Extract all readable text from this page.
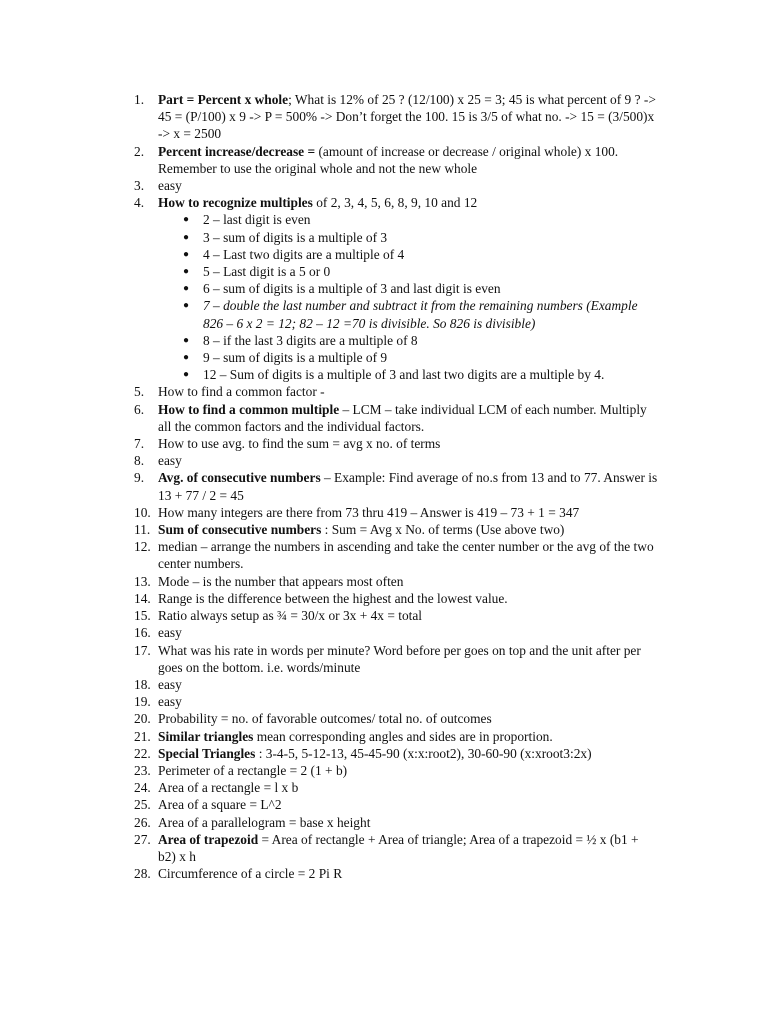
1.	Part = Percent x whole; What is 12% of 25 ? (12/100) x 25 = 3; 45 is what percent of 9 ? -> 45 = (P/100) x 9 -> P = 500% -> Don’t forget the 100. 15 is 3/5 of what no. -> 15 = (3/500)x -> x = 2500
2.	Percent increase/decrease = (amount of increase or decrease / original whole) x 100. Remember to use the original whole and not the new whole
3.	easy
4.	How to recognize multiples of 2, 3, 4, 5, 6, 8, 9, 10 and 12
● 2 – last digit is even
● 3 – sum of digits is a multiple of 3
● 4 – Last two digits are a multiple of 4
● 5 – Last digit is a 5 or 0
● 6 – sum of digits is a multiple of 3 and last digit is even
● 7 – double the last number and subtract it from the remaining numbers (Example 826 – 6 x 2 = 12; 82 – 12 =70 is divisible. So 826 is divisible)
● 8 – if the last 3 digits are a multiple of 8
● 9 – sum of digits is a multiple of 9
● 12 – Sum of digits is a multiple of 3 and last two digits are a multiple by 4.
5.	How to find a common factor -
6.	How to find a common multiple – LCM – take individual LCM of each number. Multiply all the common factors and the individual factors.
7.	How to use avg. to find the sum = avg x no. of terms
8.	easy
9.	Avg. of consecutive numbers – Example: Find average of no.s from 13 and to 77. Answer is 13 + 77 / 2 = 45
10. How many integers are there from 73 thru 419 – Answer is 419 – 73 + 1 = 347
11. Sum of consecutive numbers : Sum = Avg x No. of terms (Use above two)
12. median – arrange the numbers in ascending and take the center number or the avg of the two center numbers.
13. Mode – is the number that appears most often
14. Range is the difference between the highest and the lowest value.
15. Ratio always setup as ¾ = 30/x or 3x + 4x = total
16. easy
17. What was his rate in words per minute? Word before per goes on top and the unit after per goes on the bottom. i.e. words/minute
18. easy
19. easy
20. Probability = no. of favorable outcomes/ total no. of outcomes
21. Similar triangles mean corresponding angles and sides are in proportion.
22. Special Triangles : 3-4-5, 5-12-13, 45-45-90 (x:x:root2), 30-60-90 (x:xroot3:2x)
23. Perimeter of a rectangle = 2 (1 + b)
24. Area of a rectangle = l x b
25. Area of a square = L^2
26. Area of a parallelogram = base x height
27. Area of trapezoid = Area of rectangle + Area of triangle; Area of a trapezoid = ½ x (b1 + b2) x h
28. Circumference of a circle = 2 Pi R
